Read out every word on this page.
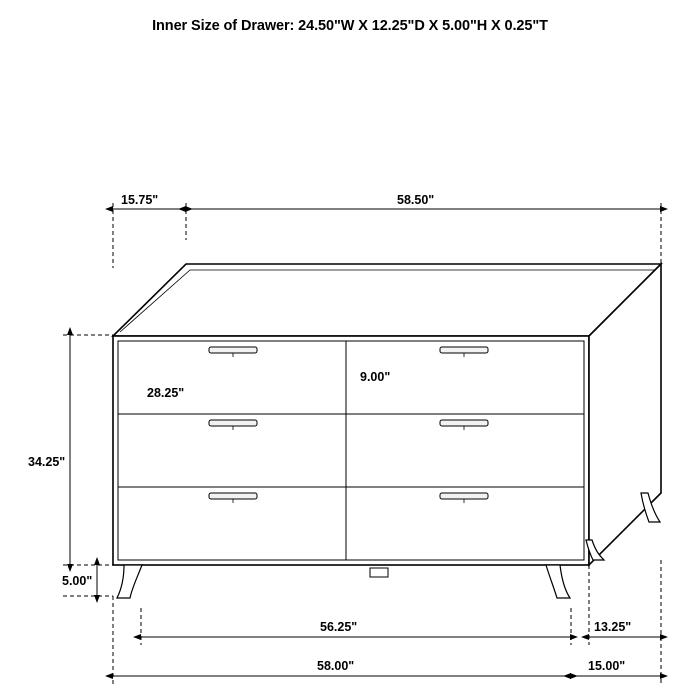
Inner Size of Drawer: 24.50"W X 12.25"D X 5.00"H X 0.25"T
15.75"	58.50"
28.25"
9.00"
34.25"
5.00"
56.25"	13.25"
58.00"	15.00"
